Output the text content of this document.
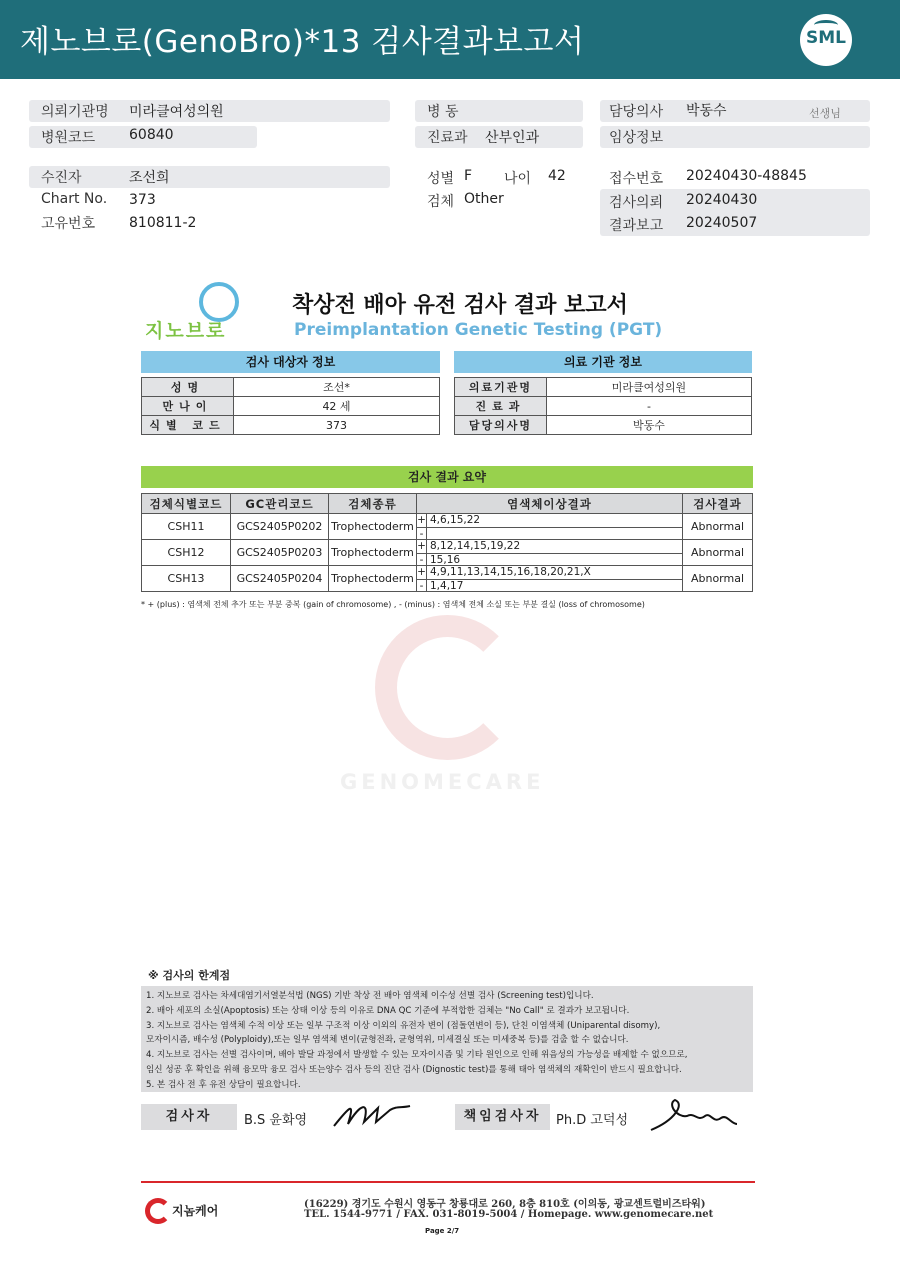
제노브로(GenoBro)*13 검사결과보고서	SML
의뢰기관명 미라클여성의원
병원코드 60840
병 동
진료과 산부인과
담당의사 박동수	선생님
임상정보
수진자	조선희
Chart No. 373
고유번호 810811-2
성별 F 나이 42
검체 Other
접수번호 20240430-48845
검사의뢰 20240430
결과보고 20240507
지노브로
착상전 배아 유전 검사 결과 보고서
Preimplantation Genetic Testing (PGT)
검사 대상자 정보
성명	조선*
만나이	42 세
식별 코드	373
의료 기관 정보
의료기관명	미라클여성의원
진료과	-
담당의사명	박동수
검사 결과 요약
검체식별코드	GC관리코드	검체종류	염색체이상결과	검사결과
CSH11	GCS2405P0202	Trophectoderm	+ 4,6,15,22
-	Abnormal
CSH12	GCS2405P0203	Trophectoderm	+ 8,12,14,15,19,22
- 15,16	Abnormal
CSH13	GCS2405P0204	Trophectoderm	+ 4,9,11,13,14,15,16,18,20,21,X
- 1,4,17	Abnormal
* + (plus) : 염색체 전체 추가 또는 부분 중복 (gain of chromosome) , - (minus) : 염색체 전체 소실 또는 부분 결실 (loss of chromosome)
GENOMECARE
※ 검사의 한계점
1. 지노브로 검사는 차세대염기서열분석법 (NGS) 기반 착상 전 배아 염색체 이수성 선별 검사 (Screening test)입니다.
2. 배아 세포의 소실(Apoptosis) 또는 상태 이상 등의 이유로 DNA QC 기준에 부적합한 검체는 "No Call" 로 결과가 보고됩니다.
3. 지노브로 검사는 염색체 수적 이상 또는 일부 구조적 이상 이외의 유전자 변이 (점돌연변이 등), 단친 이염색체 (Uniparental disomy),
모자이시즘, 배수성 (Polyploidy),또는 일부 염색체 변이(균형전좌, 균형역위, 미세결실 또는 미세중복 등)를 검출 할 수 없습니다.
4. 지노브로 검사는 선별 검사이며, 배아 발달 과정에서 발생할 수 있는 모자이시즘 및 기타 원인으로 인해 위음성의 가능성을 배제할 수 없으므로,
임신 성공 후 확인을 위해 융모막 융모 검사 또는양수 검사 등의 진단 검사 (Dignostic test)를 통해 태아 염색체의 재확인이 반드시 필요합니다.
5. 본 검사 전 후 유전 상담이 필요합니다.
검사자	B.S 윤화영	책임검사자	Ph.D 고덕성
지놈케어	(16229) 경기도 수원시 영동구 창룡대로 260, 8층 810호 (이의동, 광교센트럴비즈타워)
TEL. 1544-9771 / FAX. 031-8019-5004 / Homepage. www.genomecare.net
Page 2/7
